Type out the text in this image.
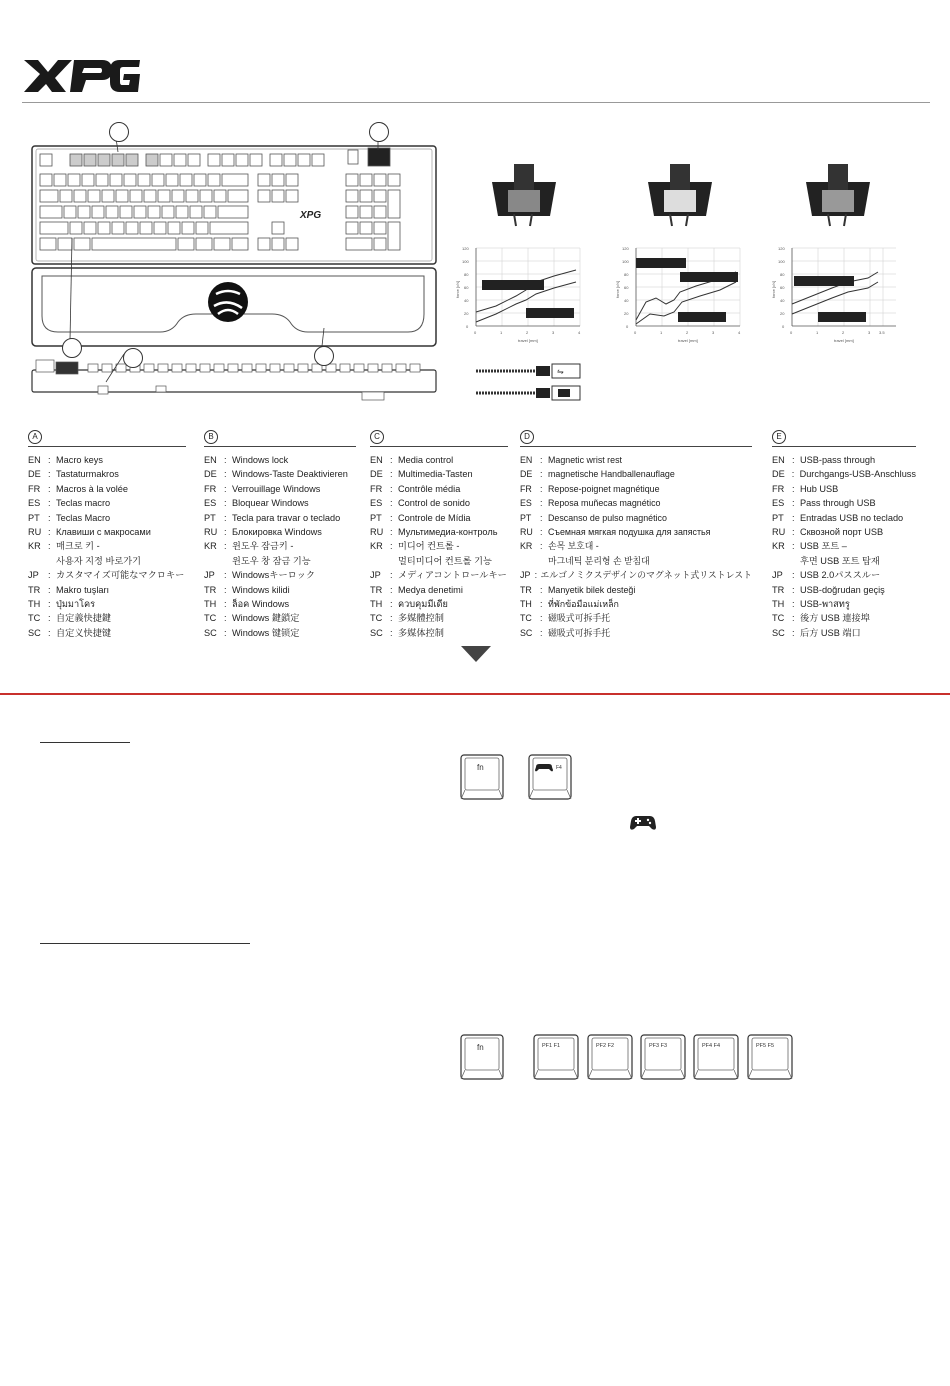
XPG
120
100
80
60
40
20
0
0	1	2	3	4
travel [mm]
force [cN]
120
100
80
60
40
20
0
0	1	2	3	4
travel [mm]
force [cN]
120
100
80
60
40
20
0
0	1	2	3 3.5
travel [mm]
force [cN]
⇋
A
EN : Macro keys
DE : Tastaturmakros
FR : Macros à la volée
ES : Teclas macro
PT : Teclas Macro
RU : Клавиши с макросами
KR : 매크로 키 -
사용자 지정 바로가기
JP	: カスタマイズ可能なマクロキー
TR : Makro tuşları
TH : ปุ่มมาโคร
TC : 自定義快捷鍵
SC : 自定义快捷键
B
EN : Windows lock
DE : Windows-Taste Deaktivieren
FR : Verrouillage Windows
ES : Bloquear Windows
PT : Tecla para travar o teclado
RU : Блокировка Windows
KR : 윈도우 잠금키 -
윈도우 창 잠금 기능
JP	: Windowsキーロック
TR : Windows kilidi
TH : ล็อค Windows
TC : Windows 鍵鎖定
SC : Windows 键锁定
C
EN : Media control
DE : Multimedia-Tasten
FR : Contrôle média
ES : Control de sonido
PT : Controle de Mídia
RU : Мультимедиа-контроль
KR : 미디어 컨트롤 -
멀티미디어 컨트롤 기능
JP	: メディアコントロールキー
TR : Medya denetimi
TH : ควบคุมมีเดีย
TC : 多媒體控制
SC : 多媒体控制
D
EN : Magnetic wrist rest
DE : magnetische Handballenauflage
FR : Repose-poignet magnétique
ES : Reposa muñecas magnético
PT : Descanso de pulso magnético
RU : Съемная мягкая подушка для запястья
KR : 손목 보호대 -
마그네틱 분리형 손 받침대
JP : エルゴノミクスデザインのマグネット式リストレスト
TR : Manyetik bilek desteği
TH : ที่พักข้อมือแม่เหล็ก
TC : 磁吸式可拆手托
SC : 磁吸式可拆手托
E
EN : USB-pass through
DE : Durchgangs-USB-Anschluss
FR : Hub USB
ES : Pass through USB
PT : Entradas USB no teclado
RU : Сквозной порт USB
KR : USB 포트 –
후면 USB 포트 탑재
JP	: USB 2.0パススルー
TR : USB-doğrudan geçiş
TH : USB-พาสทรู
TC : 後方 USB 連接埠
SC : 后方 USB 端口
fn	F4
fn	PF1 F1	PF2 F2	PF3 F3	PF4 F4	PF5 F5
